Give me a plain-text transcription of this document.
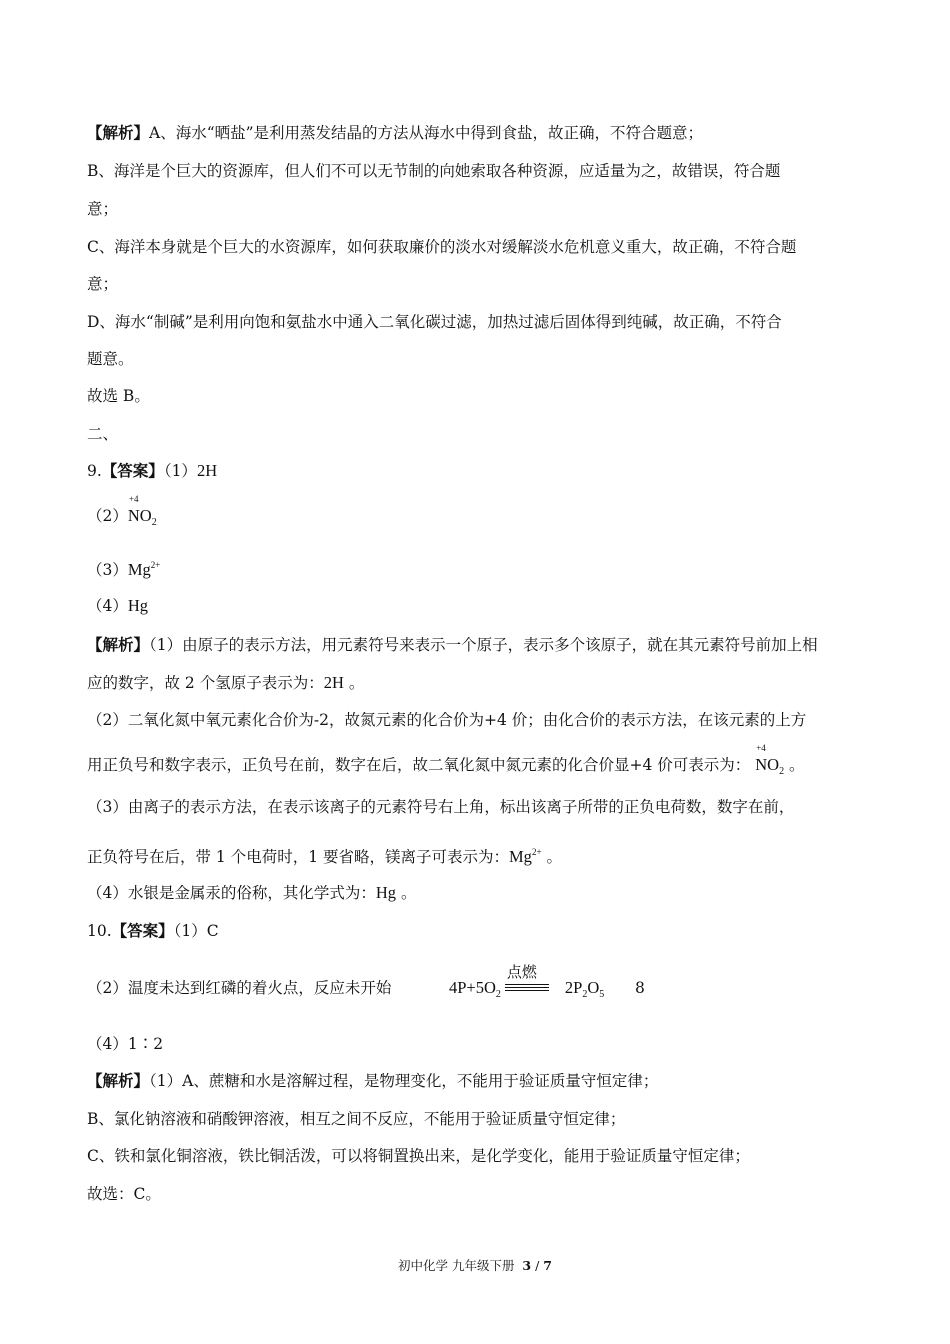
【解析】A、海水“晒盐”是利用蒸发结晶的方法从海水中得到食盐，故正确，不符合题意；
B、海洋是个巨大的资源库，但人们不可以无节制的向她索取各种资源，应适量为之，故错误，符合题
意；
C、海洋本身就是个巨大的水资源库，如何获取廉价的淡水对缓解淡水危机意义重大，故正确，不符合题
意；
D、海水“制碱”是利用向饱和氨盐水中通入二氧化碳过滤，加热过滤后固体得到纯碱，故正确，不符合
题意。
故选 B。
二、
9.【答案】（1）2H
（2）
+4
$NO_2$
$(3)Mg^{2+}$
（4）Hg
【解析】（1）由原子的表示方法，用元素符号来表示一个原子，表示多个该原子，就在其元素符号前加上相
应的数字，故 2 个氢原子表示为：2H 。
（2）二氧化氮中氧元素化合价为-2，故氮元素的化合价为+4 价；由化合价的表示方法，在该元素的上方
用正负号和数字表示，正负号在前，数字在后，故二氧化氮中氮元素的化合价显+4 价可表示为：
+4
$NO_2$ 。
（3）由离子的表示方法，在表示该离子的元素符号右上角，标出该离子所带的正负电荷数，数字在前，
正负符号在后，带 1 个电荷时，1 要省略，镁离子可表示为：$Mg^{2+}$ 。
（4）水银是金属汞的俗称，其化学式为：Hg 。
10.【答案】（1）C
（2）温度未达到红磷的着火点，反应未开始	$4P+5O_2$
点燃
$2P_2O_5$ 8
（4）1∶2
【解析】（1）A、蔗糖和水是溶解过程，是物理变化，不能用于验证质量守恒定律；
B、氯化钠溶液和硝酸钾溶液，相互之间不反应，不能用于验证质量守恒定律；
C、铁和氯化铜溶液，铁比铜活泼，可以将铜置换出来，是化学变化，能用于验证质量守恒定律；
故选：C。
初中化学 九年级下册 3 / 7
